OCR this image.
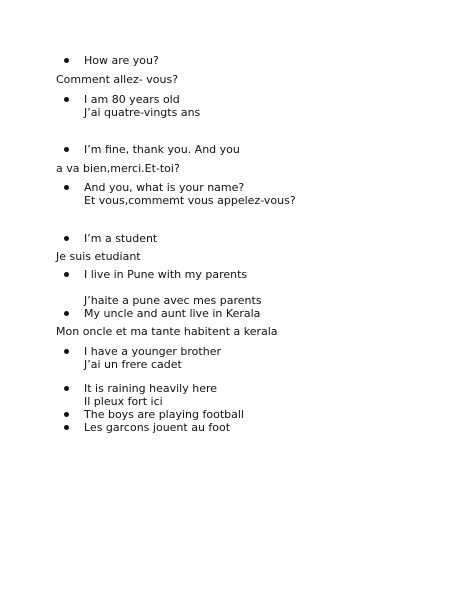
How are you?
Comment allez- vous?
I am 80 years old
J’ai quatre-vingts ans
I’m fine, thank you. And you
a va bien,merci.Et-toi?
And you, what is your name?
Et vous,commemt vous appelez-vous?
I’m a student
Je suis etudiant
I live in Pune with my parents
J’haite a pune avec mes parents
My uncle and aunt live in Kerala
Mon oncle et ma tante habitent a kerala
I have a younger brother
J’ai un frere cadet
It is raining heavily here
Il pleux fort ici
The boys are playing football
Les garcons jouent au foot
